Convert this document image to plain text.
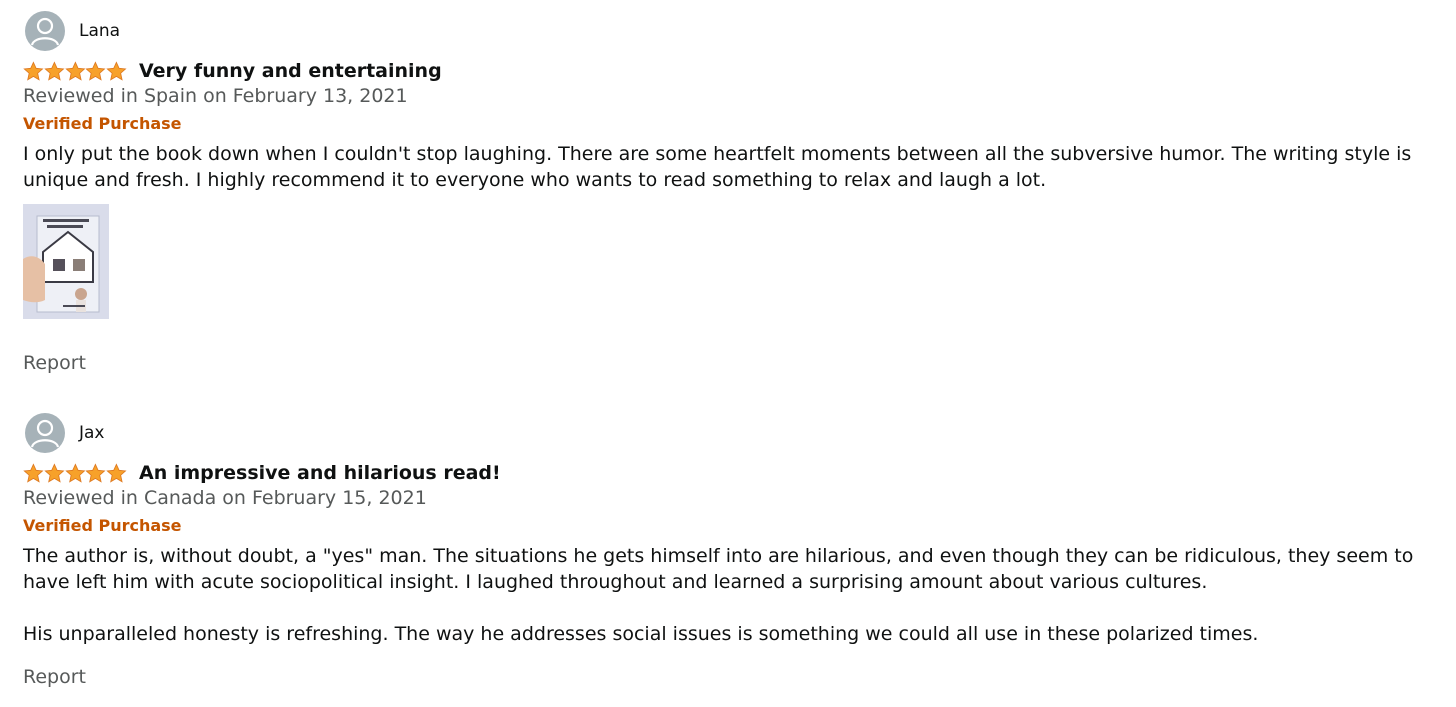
Lana
Very funny and entertaining
Reviewed in Spain on February 13, 2021
Verified Purchase

I only put the book down when I couldn't stop laughing. There are some heartfelt moments between all the subversive humor. The writing style is unique and fresh. I highly recommend it to everyone who wants to read something to relax and laugh a lot.

Report
Jax
An impressive and hilarious read!
Reviewed in Canada on February 15, 2021
Verified Purchase

The author is, without doubt, a "yes" man. The situations he gets himself into are hilarious, and even though they can be ridiculous, they seem to have left him with acute sociopolitical insight. I laughed throughout and learned a surprising amount about various cultures.

His unparalleled honesty is refreshing. The way he addresses social issues is something we could all use in these polarized times.

Report
